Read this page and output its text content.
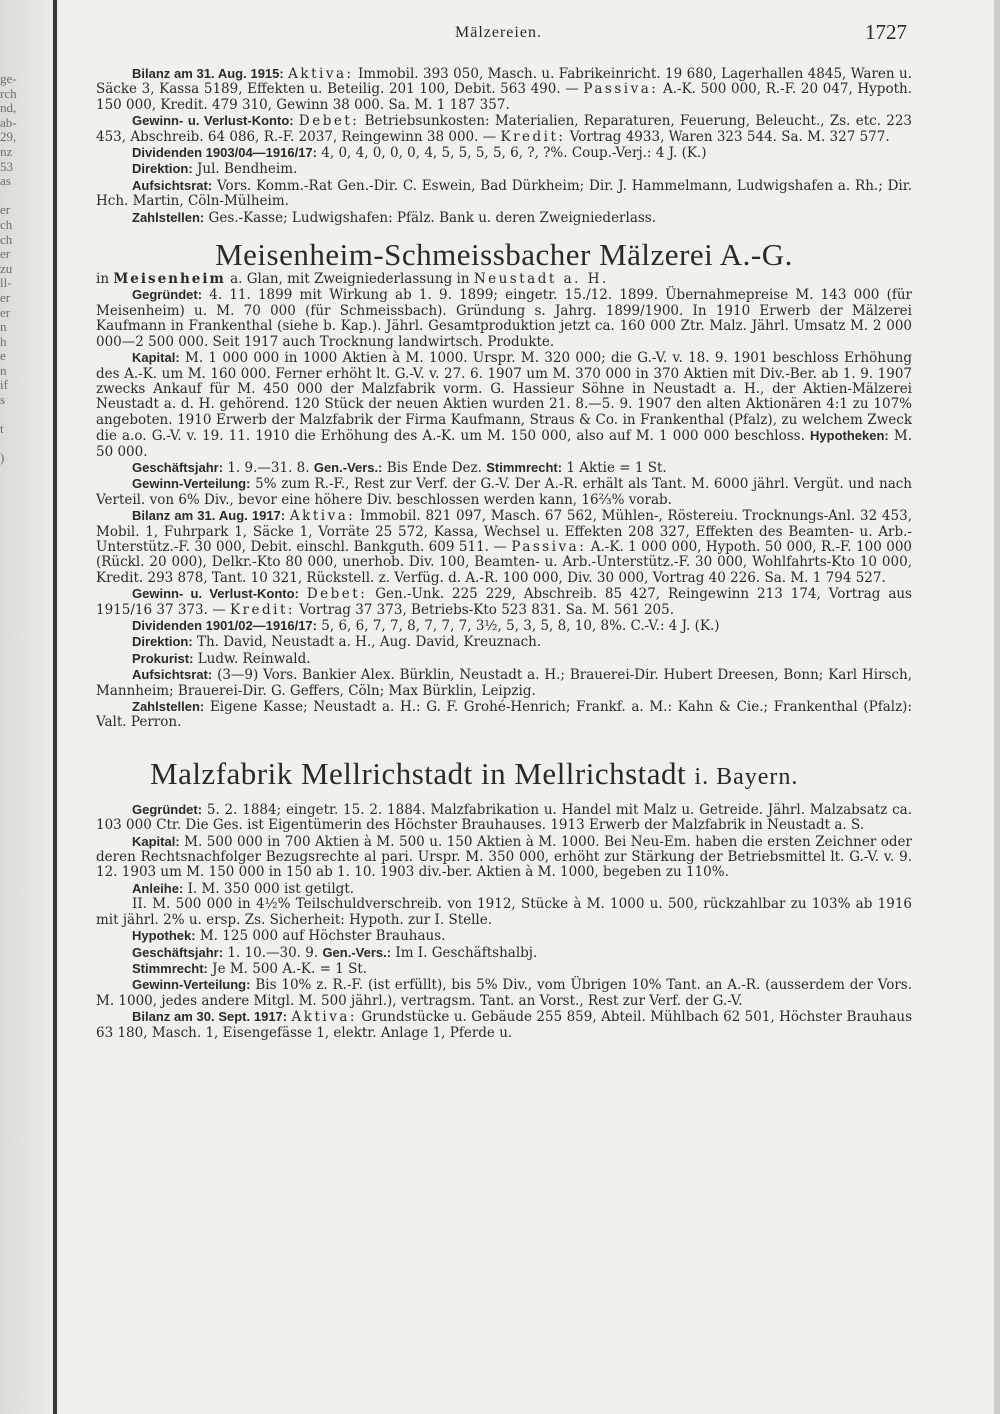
ge-
rch
nd,
ab-
29,
nz
53
as

er
ch
ch
er
zu
ll-
er
er
n
h
e
n
if
s

t

)
Mälzereien.	1727

Bilanz am 31. Aug. 1915: Aktiva: Immobil. 393 050, Masch. u. Fabrikeinricht. 19 680, Lagerhallen 4845, Waren u. Säcke 3, Kassa 5189, Effekten u. Beteilig. 201 100, Debit. 563 490. — Passiva: A.-K. 500 000, R.-F. 20 047, Hypoth. 150 000, Kredit. 479 310, Gewinn 38 000. Sa. M. 1 187 357.

Gewinn- u. Verlust-Konto: Debet: Betriebsunkosten: Materialien, Reparaturen, Feuerung, Beleucht., Zs. etc. 223 453, Abschreib. 64 086, R.-F. 2037, Reingewinn 38 000. — Kredit: Vortrag 4933, Waren 323 544. Sa. M. 327 577.

Dividenden 1903/04—1916/17: 4, 0, 4, 0, 0, 0, 4, 5, 5, 5, 5, 6, ?, ?%. Coup.-Verj.: 4 J. (K.)

Direktion: Jul. Bendheim.

Aufsichtsrat: Vors. Komm.-Rat Gen.-Dir. C. Eswein, Bad Dürkheim; Dir. J. Hammelmann, Ludwigshafen a. Rh.; Dir. Hch. Martin, Cöln-Mülheim.

Zahlstellen: Ges.-Kasse; Ludwigshafen: Pfälz. Bank u. deren Zweigniederlass.

Meisenheim-Schmeissbacher Mälzerei A.-G.

in Meisenheim a. Glan, mit Zweigniederlassung in Neustadt a. H.

Gegründet: 4. 11. 1899 mit Wirkung ab 1. 9. 1899; eingetr. 15./12. 1899. Übernahmepreise M. 143 000 (für Meisenheim) u. M. 70 000 (für Schmeissbach). Gründung s. Jahrg. 1899/1900. In 1910 Erwerb der Mälzerei Kaufmann in Frankenthal (siehe b. Kap.). Jährl. Gesamtproduktion jetzt ca. 160 000 Ztr. Malz. Jährl. Umsatz M. 2 000 000—2 500 000. Seit 1917 auch Trocknung landwirtsch. Produkte.

Kapital: M. 1 000 000 in 1000 Aktien à M. 1000. Urspr. M. 320 000; die G.-V. v. 18. 9. 1901 beschloss Erhöhung des A.-K. um M. 160 000. Ferner erhöht lt. G.-V. v. 27. 6. 1907 um M. 370 000 in 370 Aktien mit Div.-Ber. ab 1. 9. 1907 zwecks Ankauf für M. 450 000 der Malzfabrik vorm. G. Hassieur Söhne in Neustadt a. H., der Aktien-Mälzerei Neustadt a. d. H. gehörend. 120 Stück der neuen Aktien wurden 21. 8.—5. 9. 1907 den alten Aktionären 4:1 zu 107% angeboten. 1910 Erwerb der Malzfabrik der Firma Kaufmann, Straus & Co. in Frankenthal (Pfalz), zu welchem Zweck die a.o. G.-V. v. 19. 11. 1910 die Erhöhung des A.-K. um M. 150 000, also auf M. 1 000 000 beschloss. Hypotheken: M. 50 000.

Geschäftsjahr: 1. 9.—31. 8. Gen.-Vers.: Bis Ende Dez. Stimmrecht: 1 Aktie = 1 St.

Gewinn-Verteilung: 5% zum R.-F., Rest zur Verf. der G.-V. Der A.-R. erhält als Tant. M. 6000 jährl. Vergüt. und nach Verteil. von 6% Div., bevor eine höhere Div. beschlossen werden kann, 16⅔% vorab.

Bilanz am 31. Aug. 1917: Aktiva: Immobil. 821 097, Masch. 67 562, Mühlen-, Röstereiu. Trocknungs-Anl. 32 453, Mobil. 1, Fuhrpark 1, Säcke 1, Vorräte 25 572, Kassa, Wechsel u. Effekten 208 327, Effekten des Beamten- u. Arb.-Unterstütz.-F. 30 000, Debit. einschl. Bankguth. 609 511. — Passiva: A.-K. 1 000 000, Hypoth. 50 000, R.-F. 100 000 (Rückl. 20 000), Delkr.-Kto 80 000, unerhob. Div. 100, Beamten- u. Arb.-Unterstütz.-F. 30 000, Wohlfahrts-Kto 10 000, Kredit. 293 878, Tant. 10 321, Rückstell. z. Verfüg. d. A.-R. 100 000, Div. 30 000, Vortrag 40 226. Sa. M. 1 794 527.

Gewinn- u. Verlust-Konto: Debet: Gen.-Unk. 225 229, Abschreib. 85 427, Reingewinn 213 174, Vortrag aus 1915/16 37 373. — Kredit: Vortrag 37 373, Betriebs-Kto 523 831. Sa. M. 561 205.

Dividenden 1901/02—1916/17: 5, 6, 6, 7, 7, 8, 7, 7, 7, 3½, 5, 3, 5, 8, 10, 8%. C.-V.: 4 J. (K.)

Direktion: Th. David, Neustadt a. H., Aug. David, Kreuznach.

Prokurist: Ludw. Reinwald.

Aufsichtsrat: (3—9) Vors. Bankier Alex. Bürklin, Neustadt a. H.; Brauerei-Dir. Hubert Dreesen, Bonn; Karl Hirsch, Mannheim; Brauerei-Dir. G. Geffers, Cöln; Max Bürklin, Leipzig.

Zahlstellen: Eigene Kasse; Neustadt a. H.: G. F. Grohé-Henrich; Frankf. a. M.: Kahn & Cie.; Frankenthal (Pfalz): Valt. Perron.

Malzfabrik Mellrichstadt in Mellrichstadt i. Bayern.

Gegründet: 5. 2. 1884; eingetr. 15. 2. 1884. Malzfabrikation u. Handel mit Malz u. Getreide. Jährl. Malzabsatz ca. 103 000 Ctr. Die Ges. ist Eigentümerin des Höchster Brauhauses. 1913 Erwerb der Malzfabrik in Neustadt a. S.

Kapital: M. 500 000 in 700 Aktien à M. 500 u. 150 Aktien à M. 1000. Bei Neu-Em. haben die ersten Zeichner oder deren Rechtsnachfolger Bezugsrechte al pari. Urspr. M. 350 000, erhöht zur Stärkung der Betriebsmittel lt. G.-V. v. 9. 12. 1903 um M. 150 000 in 150 ab 1. 10. 1903 div.-ber. Aktien à M. 1000, begeben zu 110%.

Anleihe: I. M. 350 000 ist getilgt.

II. M. 500 000 in 4½% Teilschuldverschreib. von 1912, Stücke à M. 1000 u. 500, rückzahlbar zu 103% ab 1916 mit jährl. 2% u. ersp. Zs. Sicherheit: Hypoth. zur I. Stelle.

Hypothek: M. 125 000 auf Höchster Brauhaus.

Geschäftsjahr: 1. 10.—30. 9. Gen.-Vers.: Im I. Geschäftshalbj.

Stimmrecht: Je M. 500 A.-K. = 1 St.

Gewinn-Verteilung: Bis 10% z. R.-F. (ist erfüllt), bis 5% Div., vom Übrigen 10% Tant. an A.-R. (ausserdem der Vors. M. 1000, jedes andere Mitgl. M. 500 jährl.), vertragsm. Tant. an Vorst., Rest zur Verf. der G.-V.

Bilanz am 30. Sept. 1917: Aktiva: Grundstücke u. Gebäude 255 859, Abteil. Mühlbach 62 501, Höchster Brauhaus 63 180, Masch. 1, Eisengefässe 1, elektr. Anlage 1, Pferde u.
